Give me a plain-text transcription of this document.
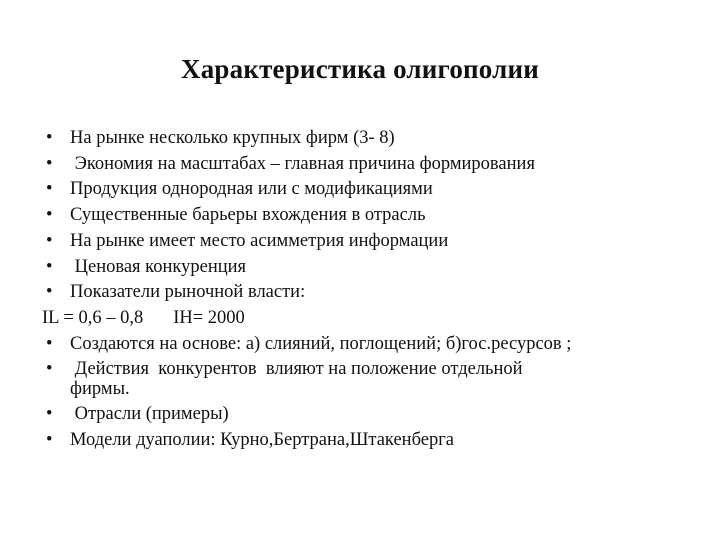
Характеристика олигополии
• На рынке несколько крупных фирм (3- 8)
• Экономия на масштабах – главная причина формирования
• Продукция однородная или с модификациями
• Существенные барьеры вхождения в отрасль
• На рынке имеет место асимметрия информации
• Ценовая конкуренция
• Показатели рыночной власти:
IL = 0,6 – 0,8 IH= 2000
• Создаются на основе: а) слияний, поглощений; б)гос.ресурсов ;
• Действия  конкурентов  влияют на положение отдельной
фирмы.
• Отрасли (примеры)
• Модели дуаполии: Курно,Бертрана,Штакенберга
